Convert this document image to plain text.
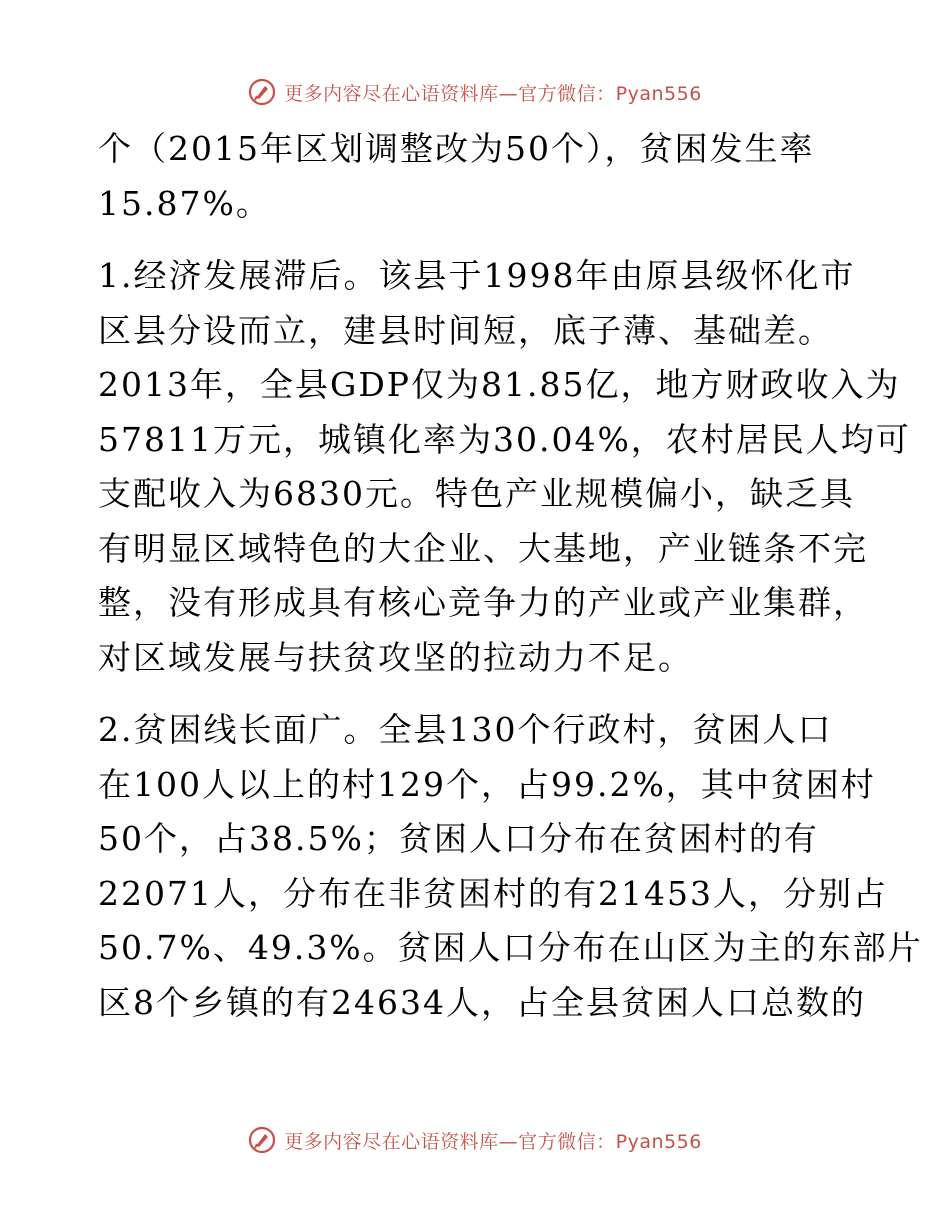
更多内容尽在心语资料库—官方微信：Pyan556

个（2015年区划调整改为50个），贫困发生率
15.87%。

1.经济发展滞后。该县于1998年由原县级怀化市
区县分设而立，建县时间短，底子薄、基础差。
2013年，全县GDP仅为81.85亿，地方财政收入为
57811万元，城镇化率为30.04%，农村居民人均可
支配收入为6830元。特色产业规模偏小，缺乏具
有明显区域特色的大企业、大基地，产业链条不完
整，没有形成具有核心竞争力的产业或产业集群，
对区域发展与扶贫攻坚的拉动力不足。

2.贫困线长面广。全县130个行政村，贫困人口
在100人以上的村129个，占99.2%，其中贫困村
50个，占38.5%；贫困人口分布在贫困村的有
22071人，分布在非贫困村的有21453人，分别占
50.7%、49.3%。贫困人口分布在山区为主的东部片
区8个乡镇的有24634人，占全县贫困人口总数的

更多内容尽在心语资料库—官方微信：Pyan556
